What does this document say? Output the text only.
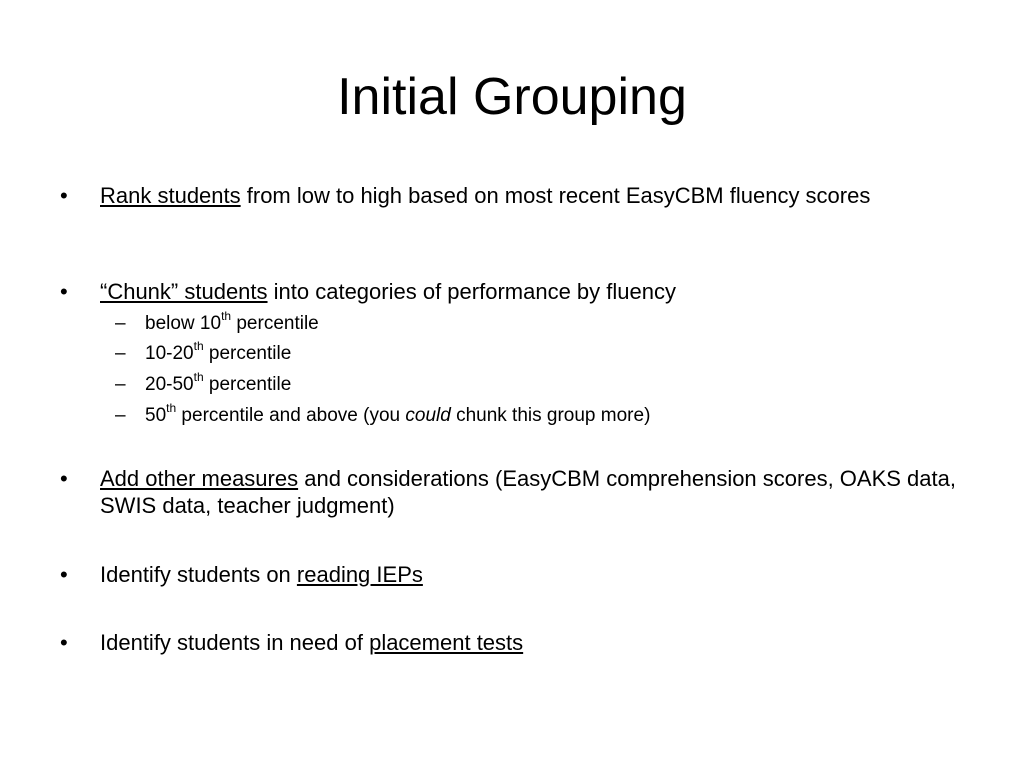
Initial Grouping
•	Rank students from low to high based on most recent EasyCBM fluency scores
•	“Chunk” students into categories of performance by fluency
– below 10th percentile
– 10-20th percentile
– 20-50th percentile
– 50th percentile and above (you could chunk this group more)
•	Add other measures and considerations (EasyCBM comprehension scores, OAKS data, SWIS data, teacher judgment)
•	Identify students on reading IEPs
•	Identify students in need of placement tests
